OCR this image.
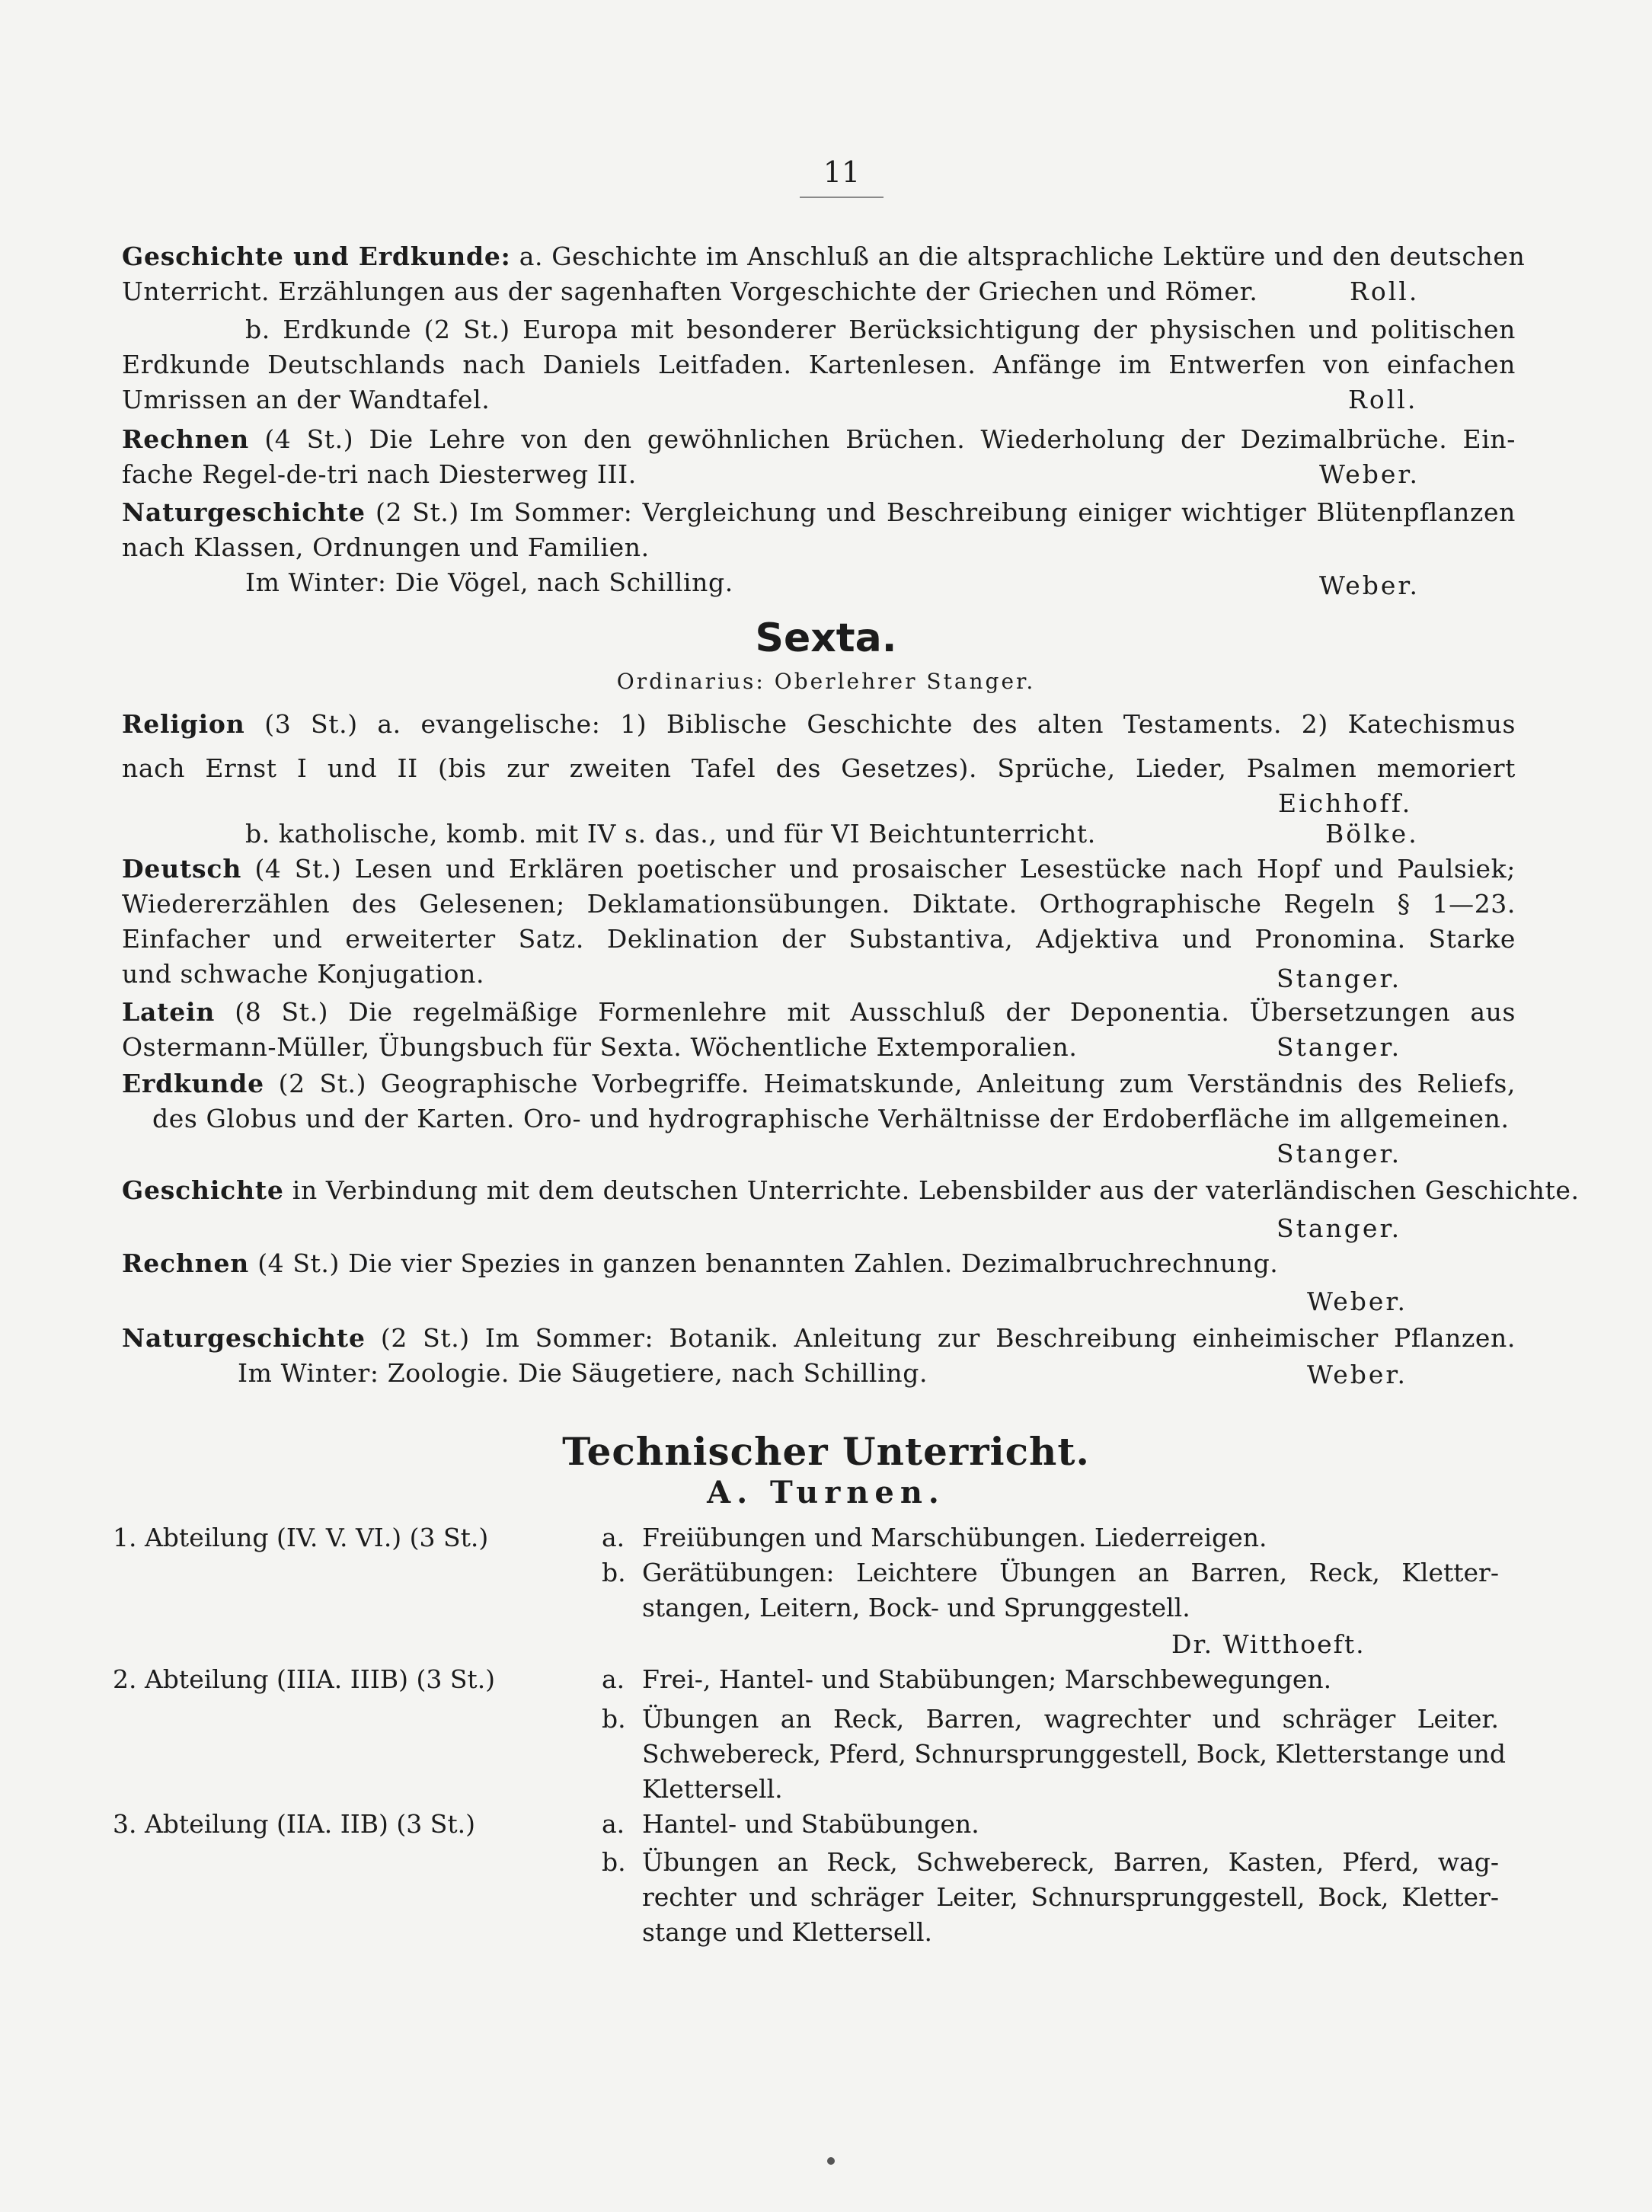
11
Geschichte und Erdkunde: a. Geschichte im Anschluß an die altsprachliche Lektüre und den deutschen
Unterricht. Erzählungen aus der sagenhaften Vorgeschichte der Griechen und Römer.	Roll.
b. Erdkunde (2 St.) Europa mit besonderer Berücksichtigung der physischen und politischen
Erdkunde Deutschlands nach Daniels Leitfaden. Kartenlesen. Anfänge im Entwerfen von einfachen
Umrissen an der Wandtafel.	Roll.
Rechnen (4 St.) Die Lehre von den gewöhnlichen Brüchen. Wiederholung der Dezimalbrüche. Ein-
fache Regel-de-tri nach Diesterweg III.	Weber.
Naturgeschichte (2 St.) Im Sommer: Vergleichung und Beschreibung einiger wichtiger Blütenpflanzen
nach Klassen, Ordnungen und Familien.
Im Winter: Die Vögel, nach Schilling.	Weber.
Sexta.
Ordinarius: Oberlehrer Stanger.
Religion (3 St.) a. evangelische: 1) Biblische Geschichte des alten Testaments. 2) Katechismus
nach Ernst I und II (bis zur zweiten Tafel des Gesetzes). Sprüche, Lieder, Psalmen memoriert
Eichhoff.
b. katholische, komb. mit IV s. das., und für VI Beichtunterricht.	Bölke.
Deutsch (4 St.) Lesen und Erklären poetischer und prosaischer Lesestücke nach Hopf und Paulsiek;
Wiedererzählen des Gelesenen; Deklamationsübungen. Diktate. Orthographische Regeln § 1—23.
Einfacher und erweiterter Satz. Deklination der Substantiva, Adjektiva und Pronomina. Starke
und schwache Konjugation.	Stanger.
Latein (8 St.) Die regelmäßige Formenlehre mit Ausschluß der Deponentia. Übersetzungen aus
Ostermann-Müller, Übungsbuch für Sexta. Wöchentliche Extemporalien.	Stanger.
Erdkunde (2 St.) Geographische Vorbegriffe. Heimatskunde, Anleitung zum Verständnis des Reliefs,
des Globus und der Karten. Oro- und hydrographische Verhältnisse der Erdoberfläche im allgemeinen.
Stanger.
Geschichte in Verbindung mit dem deutschen Unterrichte. Lebensbilder aus der vaterländischen Geschichte.
Stanger.
Rechnen (4 St.) Die vier Spezies in ganzen benannten Zahlen. Dezimalbruchrechnung.
Weber.
Naturgeschichte (2 St.) Im Sommer: Botanik. Anleitung zur Beschreibung einheimischer Pflanzen.
Im Winter: Zoologie. Die Säugetiere, nach Schilling.	Weber.
Technischer Unterricht.
A. Turnen.
1. Abteilung (IV. V. VI.) (3 St.)	a. Freiübungen und Marschübungen. Liederreigen.
b. Gerätübungen: Leichtere Übungen an Barren, Reck, Kletter-
stangen, Leitern, Bock- und Sprunggestell.
Dr. Witthoeft.
2. Abteilung (IIIA. IIIB) (3 St.)	a. Frei-, Hantel- und Stabübungen; Marschbewegungen.
b. Übungen an Reck, Barren, wagrechter und schräger Leiter.
Schwebereck, Pferd, Schnursprunggestell, Bock, Kletterstange und
Klettersell.
3. Abteilung (IIA. IIB) (3 St.)	a. Hantel- und Stabübungen.
b. Übungen an Reck, Schwebereck, Barren, Kasten, Pferd, wag-
rechter und schräger Leiter, Schnursprunggestell, Bock, Kletter-
stange und Klettersell.
